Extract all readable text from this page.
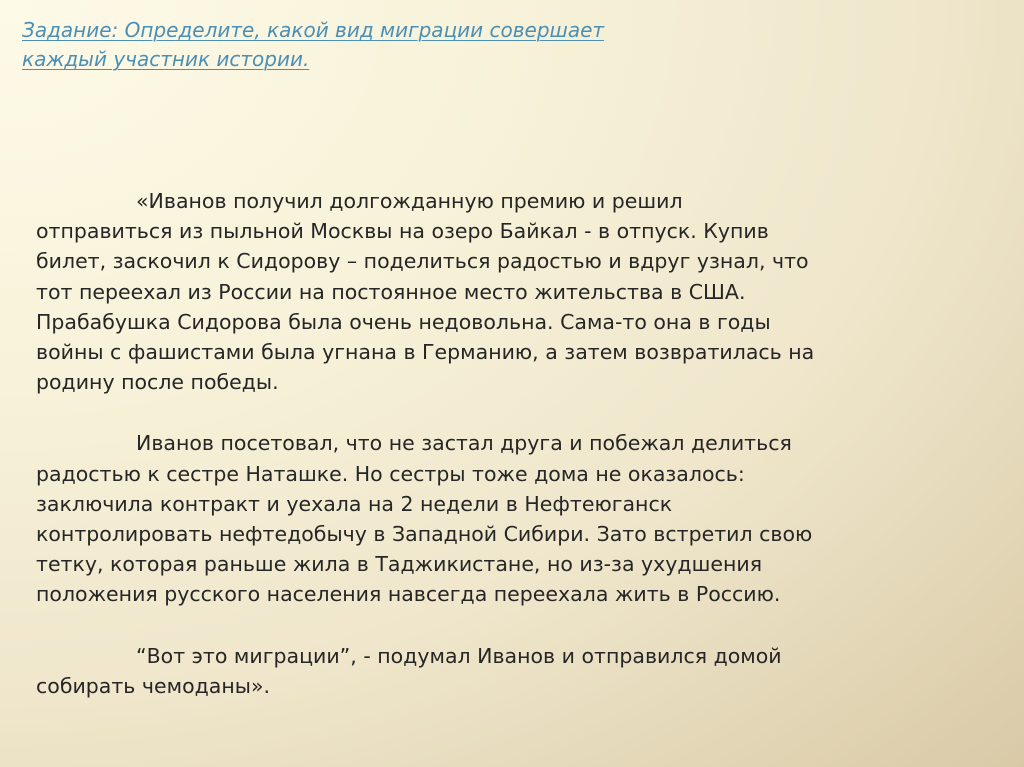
Задание: Определите, какой вид миграции совершает
каждый участник истории.

«Иванов получил долгожданную премию и решил
отправиться из пыльной Москвы на озеро Байкал - в отпуск. Купив
билет, заскочил к Сидорову – поделиться радостью и вдруг узнал, что
тот переехал из России на постоянное место жительства в США.
Прабабушка Сидорова была очень недовольна. Сама-то она в годы
войны с фашистами была угнана в Германию, а затем возвратилась на
родину после победы.

Иванов посетовал, что не застал друга и побежал делиться
радостью к сестре Наташке. Но сестры тоже дома не оказалось:
заключила контракт и уехала на 2 недели в Нефтеюганск
контролировать нефтедобычу в Западной Сибири. Зато встретил свою
тетку, которая раньше жила в Таджикистане, но из-за ухудшения
положения русского населения навсегда переехала жить в Россию.

“Вот это миграции”, - подумал Иванов и отправился домой
собирать чемоданы».
